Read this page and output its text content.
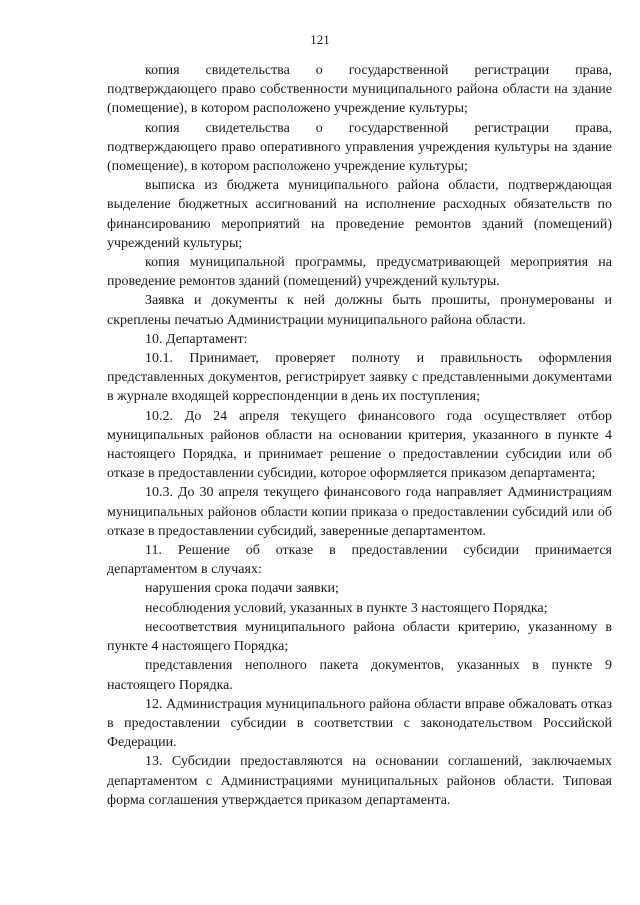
121

копия свидетельства о государственной регистрации права, подтверждающего право собственности муниципального района области на здание (помещение), в котором расположено учреждение культуры;

копия свидетельства о государственной регистрации права, подтверждающего право оперативного управления учреждения культуры на здание (помещение), в котором расположено учреждение культуры;

выписка из бюджета муниципального района области, подтверждающая выделение бюджетных ассигнований на исполнение расходных обязательств по финансированию мероприятий на проведение ремонтов зданий (помещений) учреждений культуры;

копия муниципальной программы, предусматривающей мероприятия на проведение ремонтов зданий (помещений) учреждений культуры.

Заявка и документы к ней должны быть прошиты, пронумерованы и скреплены печатью Администрации муниципального района области.

10. Департамент:

10.1. Принимает, проверяет полноту и правильность оформления представленных документов, регистрирует заявку с представленными документами в журнале входящей корреспонденции в день их поступления;

10.2. До 24 апреля текущего финансового года осуществляет отбор муниципальных районов области на основании критерия, указанного в пункте 4 настоящего Порядка, и принимает решение о предоставлении субсидии или об отказе в предоставлении субсидии, которое оформляется приказом департамента;

10.3. До 30 апреля текущего финансового года направляет Администрациям муниципальных районов области копии приказа о предоставлении субсидий или об отказе в предоставлении субсидий, заверенные департаментом.

11. Решение об отказе в предоставлении субсидии принимается департаментом в случаях:

нарушения срока подачи заявки;

несоблюдения условий, указанных в пункте 3 настоящего Порядка;

несоответствия муниципального района области критерию, указанному в пункте 4 настоящего Порядка;

представления неполного пакета документов, указанных в пункте 9 настоящего Порядка.

12. Администрация муниципального района области вправе обжаловать отказ в предоставлении субсидии в соответствии с законодательством Российской Федерации.

13. Субсидии предоставляются на основании соглашений, заключаемых департаментом с Администрациями муниципальных районов области. Типовая форма соглашения утверждается приказом департамента.
